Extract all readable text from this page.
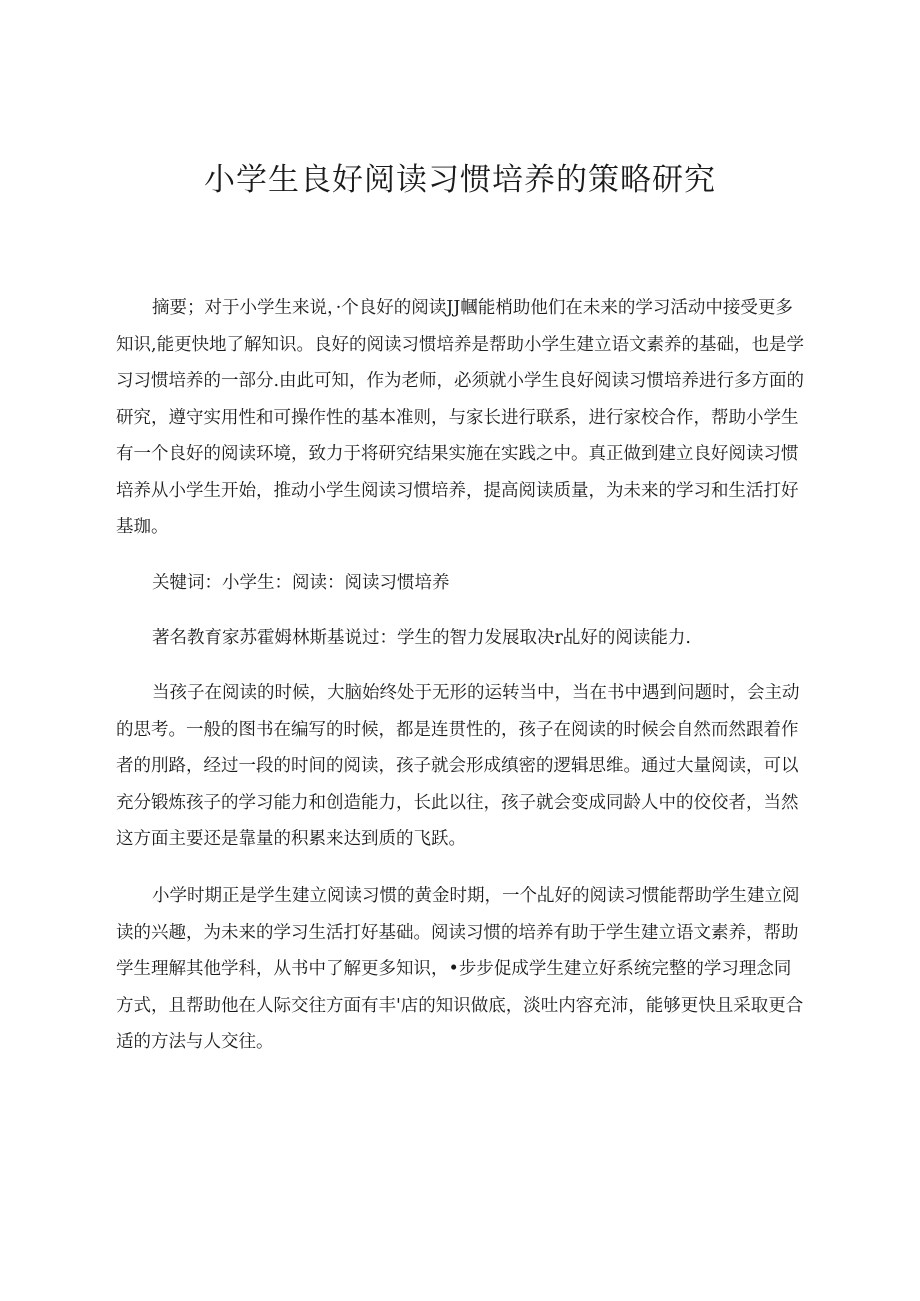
小学生良好阅读习惯培养的策略研究

摘要；对于小学生来说，·个良好的阅读JJ幗能梢助他们在未来的学习活动中接受更多知识,能更快地了解知识。良好的阅读习惯培养是帮助小学生建立语文素养的基础，也是学习习惯培养的一部分.由此可知，作为老师，必须就小学生良好阅读习惯培养进行多方面的研究，遵守实用性和可操作性的基本准则，与家长进行联系，进行家校合作，帮助小学生有一个良好的阅读环境，致力于将研究结果实施在实践之中。真正做到建立良好阅读习惯培养从小学生开始，推动小学生阅读习惯培养，提高阅读质量，为未来的学习和生活打好基珈。

关犍词：小学生：阅读：阅读习惯培养

著名教育家苏霍姆林斯基说过：学生的智力发展取决r乩好的阅读能力.

当孩子在阅读的时候，大脑始终处于无形的运转当中，当在书中遇到问题时，会主动的思考。一般的图书在编写的时候，都是连贯性的，孩子在阅读的时候会自然而然跟着作者的刖路，经过一段的时间的阅读，孩子就会形成缜密的逻辑思维。通过大量阅读，可以充分锻炼孩子的学习能力和创造能力，长此以往，孩子就会变成同龄人中的佼佼者，当然这方面主要还是靠量的积累来达到质的飞跃。

小学时期正是学生建立阅读习惯的黄金时期，一个乩好的阅读习惯能帮助学生建立阅读的兴趣，为未来的学习生活打好基础。阅读习惯的培养有助于学生建立语文素养，帮助学生理解其他学科，从书中了解更多知识，•步步促成学生建立好系统完整的学习理念同方式，且帮助他在人际交往方面有丰'店的知识做底，淡吐内容充沛，能够更快且采取更合适的方法与人交往。
